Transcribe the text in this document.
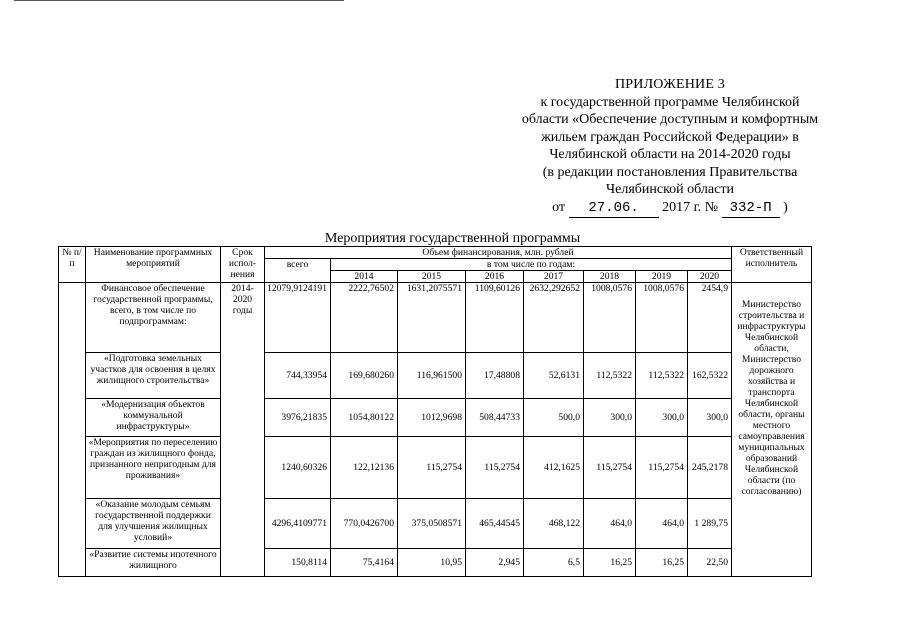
ПРИЛОЖЕНИЕ 3
к государственной программе Челябинской
области «Обеспечение доступным и комфортным
жильем граждан Российской Федерации» в
Челябинской области на 2014-2020 годы
(в редакции постановления Правительства
Челябинской области
от 27.06. 2017 г. № 332-П )
Мероприятия государственной программы
№ п/п	Наименование программных мероприятий	Срок испол-нения	Объем финансирования, млн. рублей								Ответственный исполнитель
			всего	в том числе по годам:							
				2014	2015	2016	2017	2018	2019	2020	
	Финансовое обеспечение государственной программы, всего, в том числе по подпрограммам:	2014-2020 годы	12079,9124191	2222,76502	1631,2075571	1109,60126	2632,292652	1008,0576	1008,0576	2454,9	Министерство строительства и инфраструктуры Челябинской области, Министерство дорожного хозяйства и транспорта Челябинской области, органы местного самоуправления муниципальных образований Челябинской области (по согласованию)
	«Подготовка земельных участков для освоения в целях жилищного строительства»		744,33954	169,680260	116,961500	17,48808	52,6131	112,5322	112,5322	162,5322	
	«Модернизация объектов коммунальной инфраструктуры»		3976,21835	1054,80122	1012,9698	508,44733	500,0	300,0	300,0	300,0	
	«Мероприятия по переселению граждан из жилищного фонда, признанного непригодным для проживания»		1240,60326	122,12136	115,2754	115,2754	412,1625	115,2754	115,2754	245,2178	
	«Оказание молодым семьям государственной поддержки для улучшения жилищных условий»		4296,4109771	770,0426700	375,0508571	465,44545	468,122	464,0	464,0	1 289,75	
	«Развитие системы ипотечного жилищного		150,8114	75,4164	10,95	2,945	6,5	16,25	16,25	22,50	
